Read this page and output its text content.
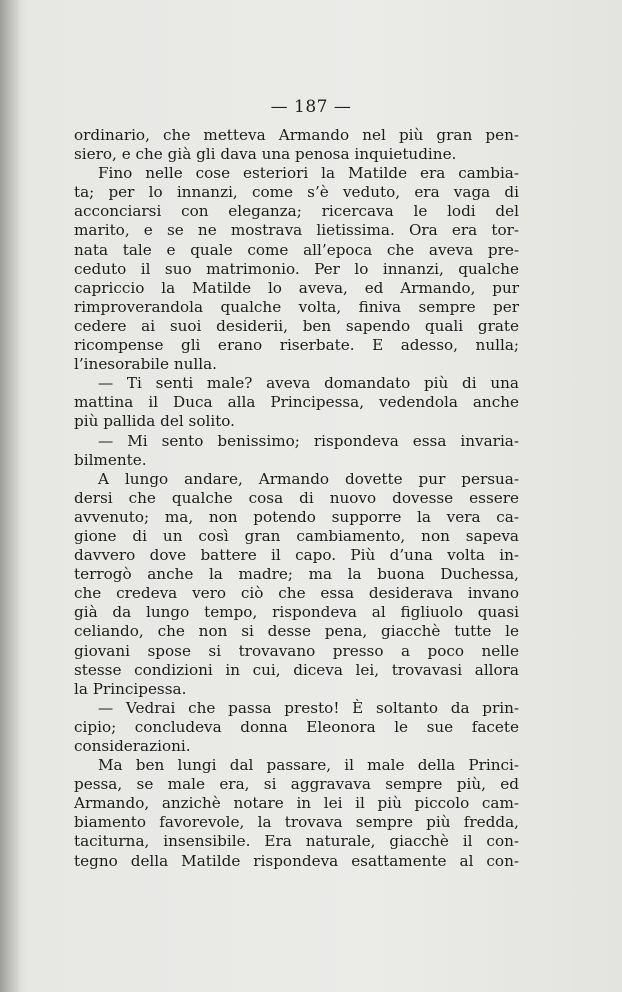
— 187 —
ordinario, che metteva Armando nel più gran pen-
siero, e che già gli dava una penosa inquietudine.
Fino nelle cose esteriori la Matilde era cambia-
ta; per lo innanzi, come s’è veduto, era vaga di
acconciarsi con eleganza; ricercava le lodi del
marito, e se ne mostrava lietissima. Ora era tor-
nata tale e quale come all’epoca che aveva pre-
ceduto il suo matrimonio. Per lo innanzi, qualche
capriccio la Matilde lo aveva, ed Armando, pur
rimproverandola qualche volta, finiva sempre per
cedere ai suoi desiderii, ben sapendo quali grate
ricompense gli erano riserbate. E adesso, nulla;
l’inesorabile nulla.
— Ti senti male? aveva domandato più di una
mattina il Duca alla Principessa, vedendola anche
più pallida del solito.
— Mi sento benissimo; rispondeva essa invaria-
bilmente.
A lungo andare, Armando dovette pur persua-
dersi che qualche cosa di nuovo dovesse essere
avvenuto; ma, non potendo supporre la vera ca-
gione di un così gran cambiamento, non sapeva
davvero dove battere il capo. Più d’una volta in-
terrogò anche la madre; ma la buona Duchessa,
che credeva vero ciò che essa desiderava invano
già da lungo tempo, rispondeva al figliuolo quasi
celiando, che non si desse pena, giacchè tutte le
giovani spose si trovavano presso a poco nelle
stesse condizioni in cui, diceva lei, trovavasi allora
la Principessa.
— Vedrai che passa presto! È soltanto da prin-
cipio; concludeva donna Eleonora le sue facete
considerazioni.
Ma ben lungi dal passare, il male della Princi-
pessa, se male era, si aggravava sempre più, ed
Armando, anzichè notare in lei il più piccolo cam-
biamento favorevole, la trovava sempre più fredda,
taciturna, insensibile. Era naturale, giacchè il con-
tegno della Matilde rispondeva esattamente al con-
